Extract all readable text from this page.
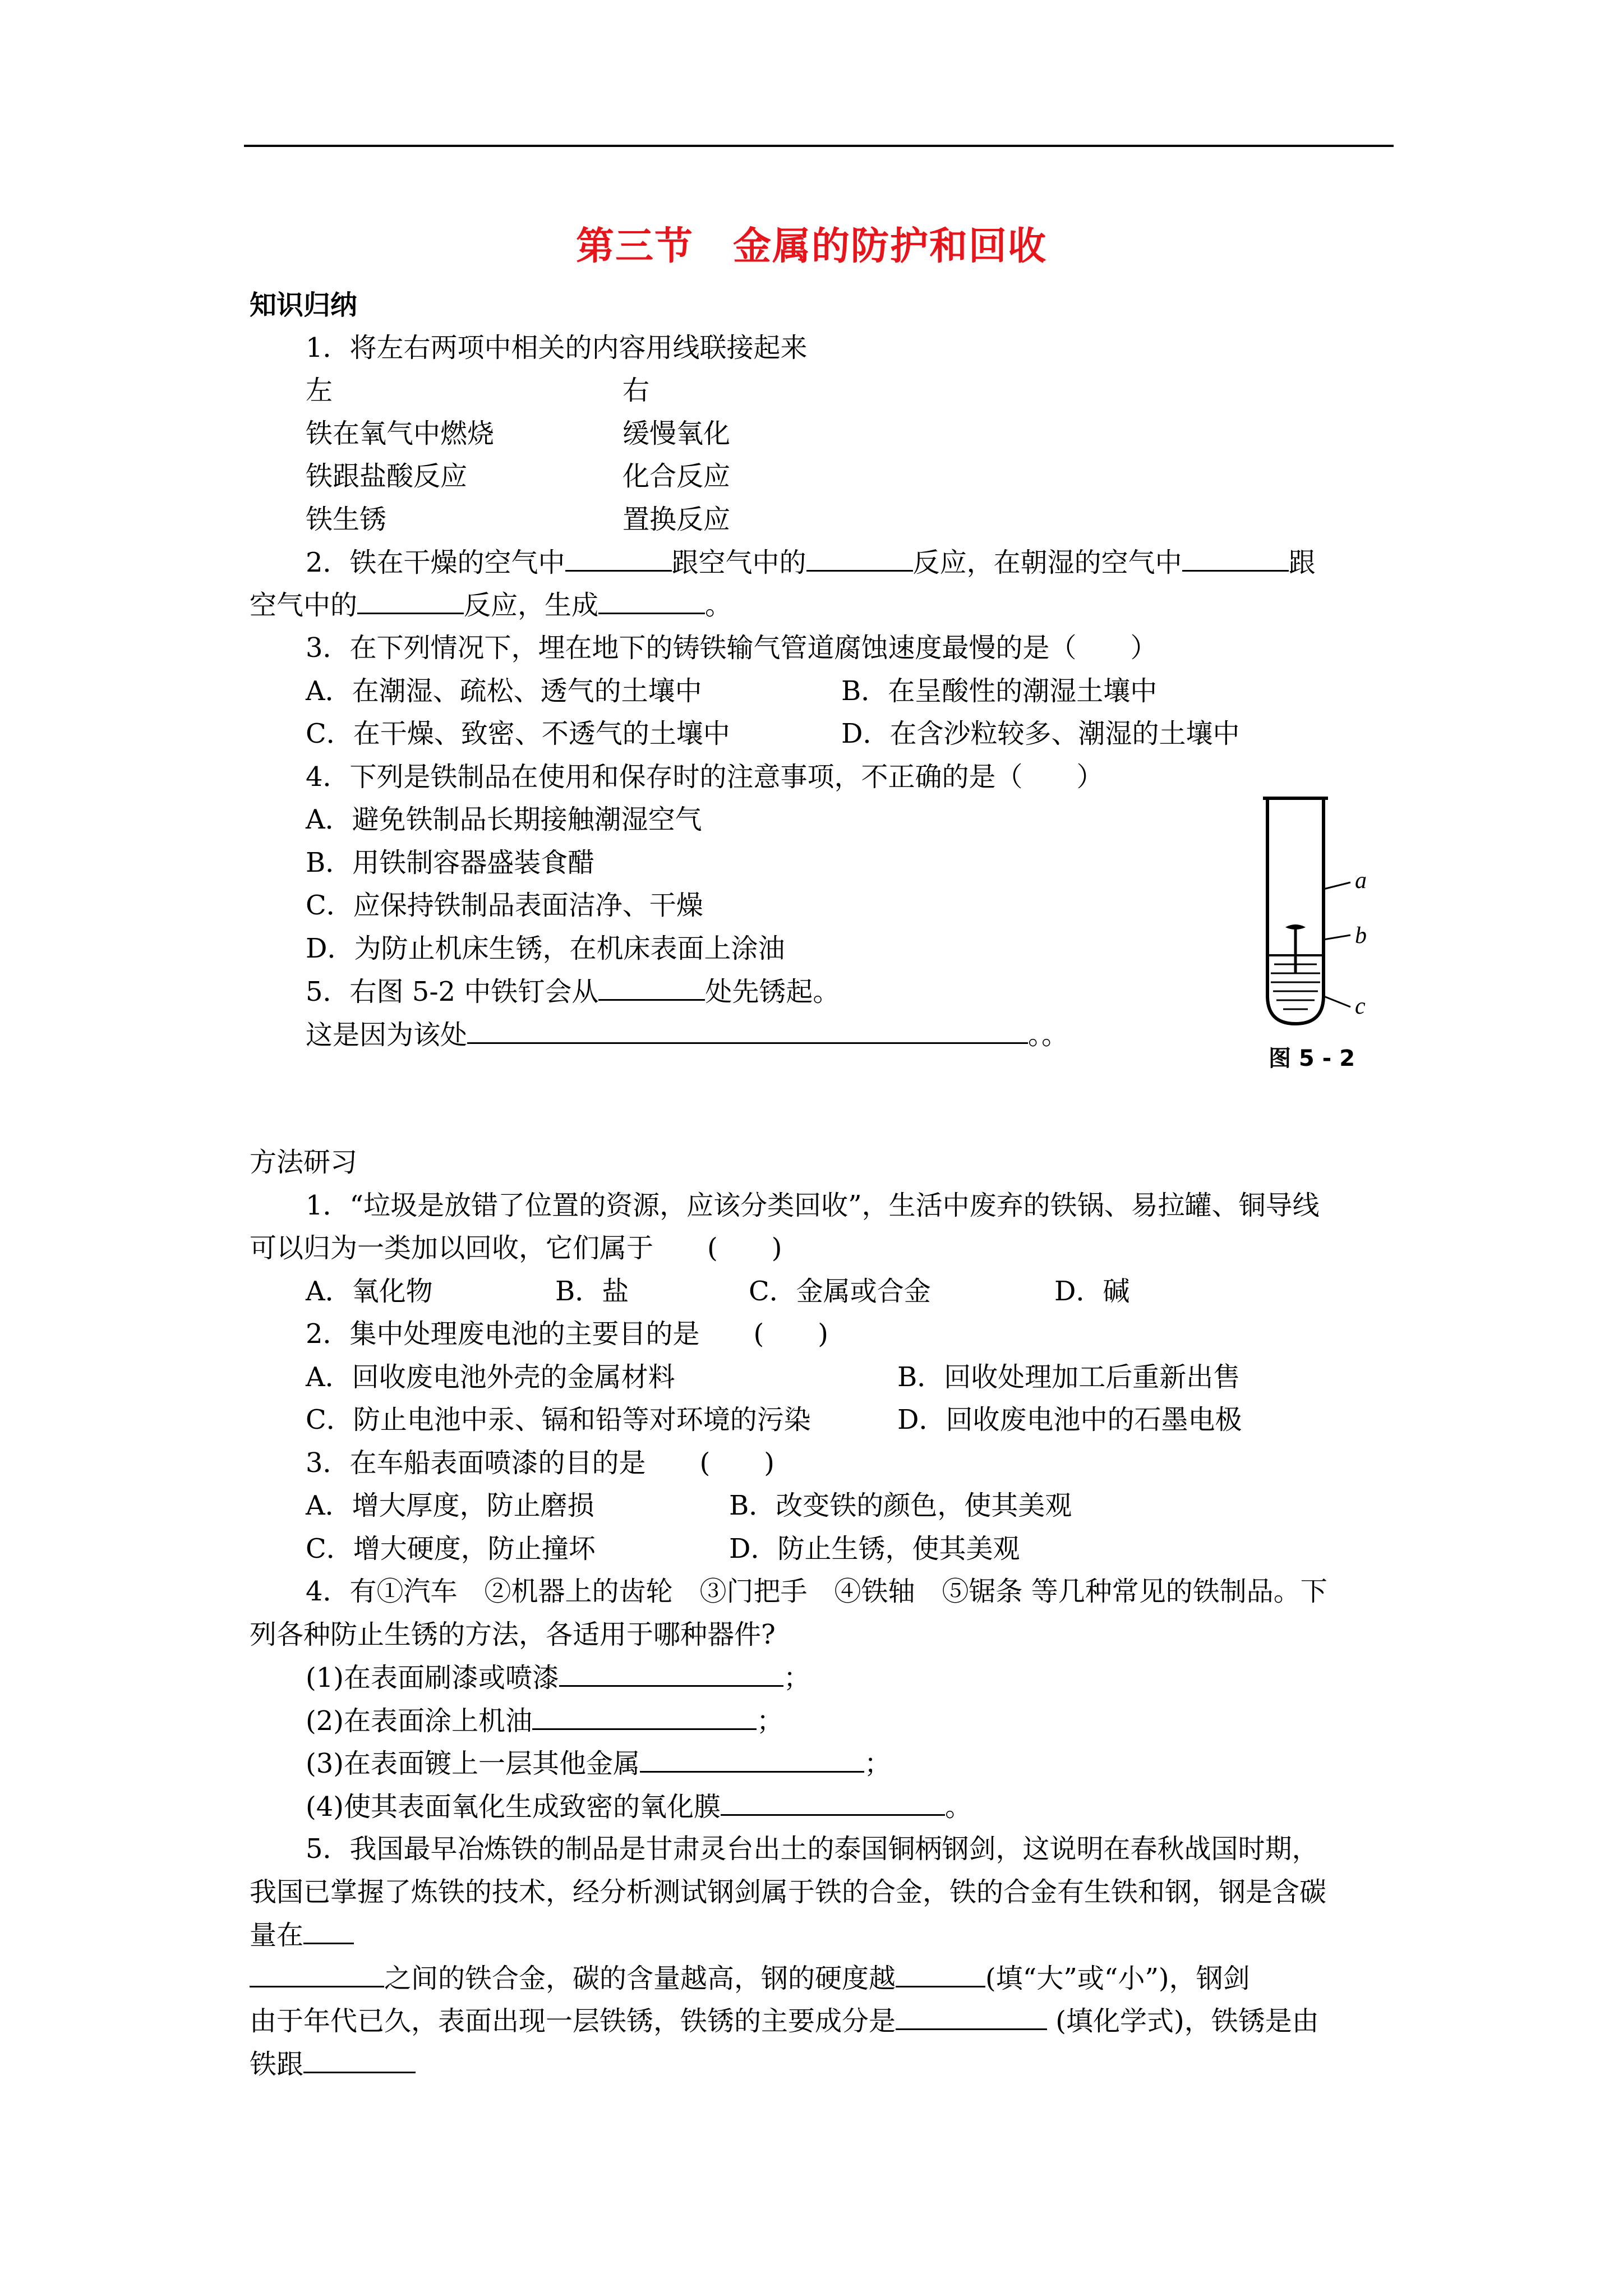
第三节　金属的防护和回收
知识归纳
1．将左右两项中相关的内容用线联接起来
左	右
铁在氧气中燃烧	缓慢氧化
铁跟盐酸反应	化合反应
铁生锈	置换反应
2．铁在干燥的空气中	跟空气中的	反应，在朝湿的空气中	跟
空气中的	反应，生成	。
3．在下列情况下，埋在地下的铸铁输气管道腐蚀速度最慢的是（　　）
A．在潮湿、疏松、透气的土壤中	B．在呈酸性的潮湿土壤中
C．在干燥、致密、不透气的土壤中	D．在含沙粒较多、潮湿的土壤中
4．下列是铁制品在使用和保存时的注意事项，不正确的是（　　）
A．避免铁制品长期接触潮湿空气
B．用铁制容器盛装食醋
C．应保持铁制品表面洁净、干燥
D．为防止机床生锈，在机床表面上涂油
5．右图 5-2 中铁钉会从	处先锈起。
这是因为该处	。。
a
b
c
图 5 - 2
方法研习
1．“垃圾是放错了位置的资源，应该分类回收”，生活中废弃的铁锅、易拉罐、铜导线
可以归为一类加以回收，它们属于　　(　　)
A．氧化物	B．盐	C．金属或合金	D．碱
2．集中处理废电池的主要目的是　　(　　)
A．回收废电池外壳的金属材料	B．回收处理加工后重新出售
C．防止电池中汞、镉和铅等对环境的污染	D．回收废电池中的石墨电极
3．在车船表面喷漆的目的是　　(　　)
A．增大厚度，防止磨损	B．改变铁的颜色，使其美观
C．增大硬度，防止撞坏	D．防止生锈，使其美观
4．有①汽车　②机器上的齿轮　③门把手　④铁轴　⑤锯条 等几种常见的铁制品。下
列各种防止生锈的方法，各适用于哪种器件?
(1)在表面刷漆或喷漆	；
(2)在表面涂上机油	；
(3)在表面镀上一层其他金属	；
(4)使其表面氧化生成致密的氧化膜	。
5．我国最早冶炼铁的制品是甘肃灵台出土的泰国铜柄钢剑，这说明在春秋战国时期，
我国已掌握了炼铁的技术，经分析测试钢剑属于铁的合金，铁的合金有生铁和钢，钢是含碳
量在
之间的铁合金，碳的含量越高，钢的硬度越	(填“大”或“小”)，钢剑
由于年代已久，表面出现一层铁锈，铁锈的主要成分是	(填化学式)，铁锈是由
铁跟
